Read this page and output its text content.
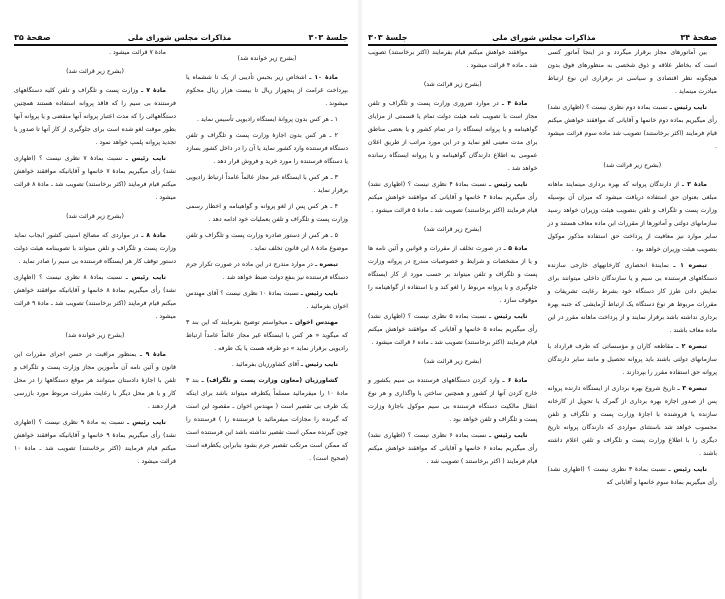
جلسهٔ ۳۰۳
مذاکرات مجلس شورای ملی
صفحهٔ ۳۵

(بشرح زیر خوانده شد)

مادهٔ ۱۰ ـ اشخاص زیر بحبس تأدیبی از یک تا ششماه یا بپرداخت غرامت از پنجهزار ریال تا بیست هزار ریال محکوم میشوند .

۱ ـ هر کس بدون پروانهٔ ایستگاه رادیویی تأسیس نماید .

۲ ـ هر کس بدون اجازهٔ وزارت پست و تلگراف و تلفن دستگاه فرستنده وارد کشور نماید یا آن را در داخل کشور بسازد یا دستگاه فرستنده را مورد خرید و فروش قرار دهد .

۳ ـ هر کس با ایستگاه غیر مجاز عالماً عامداً ارتباط رادیویی برقرار نماید .

۴ ـ هر کس پس از لغو پروانه و گواهینامه و اخطار رسمی وزارت پست و تلگراف و تلفن بعملیات خود ادامه دهد .

۵ ـ هر کس از دستور صادره وزارت پست و تلگراف و تلفن موضوع مادهٔ ۸ این قانون تخلف نماید .

تبصره ـ در موارد مندرج در این ماده در صورت تکرار جرم دستگاه فرستنده نیز بنفع دولت ضبط خواهد شد .

نایب رئیس ـ نسبت بمادهٔ ۱۰ نظری نیست ؟ آقای مهندس اخوان بفرمائید .

مهندس اخوان ـ میخواستم توضیح بفرمایند که این بند ۳ که میگوید « هر کس با ایستگاه غیر مجاز عالماً عامداً ارتباط رادیویی برقرار نماید » دو طرفه هست یا یک طرفه .

نایب رئیس ـ آقای کشاورزیان بفرمائید .

کشاورزیان (معاون وزارت پست و تلگراف) ـ بند ۳ مادهٔ ۱۰ را میفرمائید مسلماً یکطرفه میتواند باشد برای اینکه یک طرف بی تقصیر است ( مهندس اخوان ـ مقصود این است که گیرنده را مجازات میفرمائید یا فرستنده را ) فرستنده را چون گیرنده ممکن است تقصیر نداشته باشد این فرستنده است که ممکن است مرتکب تقصیر جرم بشود بنابراین یکطرفه است (صحیح است) .

مادهٔ ۷ قرائت میشود .

(بشرح زیر قرائت شد)

مادهٔ ۷ ـ وزارت پست و تلگراف و تلفن کلیه دستگاههای فرستنده بی سیم را که فاقد پروانه استفاده هستند همچنین دستگاههائی را که مدت اعتبار پروانه آنها منقضی و یا پروانه آنها بطور موقت لغو شده است برای جلوگیری از کار آنها تا صدور یا تجدید پروانه پلمپ خواهد نمود .

نایب رئیس ـ نسبت بمادهٔ ۷ نظری نیست ؟ (اظهاری نشد) رأی میگیریم بمادهٔ ۷ خانمها و آقایانیکه موافقند خواهش میکنم قیام فرمایند (اکثر برخاستند) تصویب شد ـ مادهٔ ۸ قرائت میشود .

(بشرح زیر قرائت شد)

مادهٔ ۸ ـ در مواردی که مصالح امنیتی کشور ایجاب نماید وزارت پست و تلگراف و تلفن میتواند با تصویبنامه هیئت دولت دستور توقف کار هر ایستگاه فرستنده بی سیم را صادر نماید .

نایب رئیس ـ نسبت بمادهٔ ۸ نظری نیست ؟ (اظهاری نشد) رأی میگیریم بمادهٔ ۸ خانمها و آقایانیکه موافقند خواهش میکنم قیام فرمایند (اکثر برخاستند) تصویب شد ـ مادهٔ ۹ قرائت میشود .

(بشرح زیر خوانده شد)

مادهٔ ۹ ـ بمنظور مراقبت در حسن اجرای مقررات این قانون و آئین نامه آن مأمورین مجاز وزارت پست و تلگراف و تلفن با اجازهٔ دادستان میتوانند هر موقع دستگاهها را در محل کار و یا هر محل دیگر با رعایت مقررات مربوط مورد بازرسی قرار دهند .

نایب رئیس ـ نسبت به مادهٔ ۹ نظری نیست ؟ (اظهاری نشد) رأی میگیریم بمادهٔ ۹ خانمها و آقایانیکه موافقند خواهش میکنم قیام فرمایند (اکثر برخاستند) تصویب شد ـ مادهٔ ۱۰ قرائت میشود .

صفحهٔ ۳۴
مذاکرات مجلس شورای ملی
جلسهٔ ۳۰۳

بین آماتورهای مجاز برقرار میگردد و در اینجا آماتور کسی است که بخاطر علاقه و ذوق شخصی به منظورهای فوق بدون هیچگونه نظر اقتصادی و سیاسی در برقراری این نوع ارتباط مبادرت مینماید .

نایب رئیس ـ نسبت بماده دوم نظری نیست ؟ (اظهاری نشد) رأی میگیریم بماده دوم خانمها و آقایانی که موافقند خواهش میکنم قیام فرمایند (اکثر برخاستند) تصویب شد ماده سوم قرائت میشود .

(بشرح زیر قرائت شد)

مادهٔ ۳ ـ از دارندگان پروانه که بهره برداری مینمایند ماهانه مبلغی بعنوان حق استفاده دریافت میشود که میزان آن بوسیله وزارت پست و تلگراف و تلفن بتصویب هیئت وزیران خواهد رسید سازمانهای دولتی و آماتورها از مقررات این ماده معاف هستند و در سایر موارد نیز معافیت از پرداخت حق استفاده مذکور موکول بتصویب هیئت وزیران خواهد بود .

تبصره ۱ ـ نمایندهٔ انحصاری کارخانههای خارجی سازنده دستگاههای فرستنده بی سیم و یا سازندگان داخلی میتوانند برای نمایش دادن طرز کار دستگاه خود بشرط رعایت تشریفات و مقررات مربوط هر نوع دستگاه یک ارتباط آزمایشی که جنبه بهره برداری نداشته باشد برقرار نمایند و از پرداخت ماهانه مقرر در این ماده معاف باشند .

تبصره ۲ ـ مقاطعه کاران و مؤسساتی که طرف قرارداد با سازمانهای دولتی باشند باید پروانه تحصیل و مانند سایر دارندگان پروانه حق استفاده مقرر را بپردازند .

تبصره ۳ ـ تاریخ شروع بهره برداری از ایستگاه دارنده پروانه پس از صدور اجازه بهره برداری از گمرک یا تحویل از کارخانه سازنده یا فروشنده با اجازهٔ وزارت پست و تلگراف و تلفن محسوب خواهد شد باستثنای مواردی که دارندگان پروانه تاریخ دیگری را با اطلاع وزارت پست و تلگراف و تلفن اعلام داشته باشند .

نایب رئیس ـ نسبت بمادهٔ ۳ نظری نیست ؟ (اظهاری نشد) رأی میگیریم بمادهٔ سوم خانمها و آقایانی که

موافقند خواهش میکنم قیام بفرمایند (اکثر برخاستند) تصویب شد ـ ماده ۴ قرائت میشود .

(بشرح زیر قرائت شد)

مادهٔ ۴ ـ در موارد ضروری وزارت پست و تلگراف و تلفن مجاز است با تصویب نامه هیئت دولت تمام یا قسمتی از مزایای گواهینامه و یا پروانه ایستگاه را در تمام کشور و یا بعضی مناطق برای مدت معینی لغو نماید و در این مورد مراتب از طریق اعلان عمومی به اطلاع دارندگان گواهینامه و یا پروانه ایستگاه رسانده خواهد شد .

نایب رئیس ـ نسبت بمادهٔ ۴ نظری نیست ؟ (اظهاری نشد) رأی میگیریم بمادهٔ ۴ خانمها و آقایانی که موافقند خواهش میکنم قیام فرمایند (اکثر برخاستند) تصویب شد ـ مادهٔ ۵ قرائت میشود .

(بشرح زیر قرائت شد)

مادهٔ ۵ ـ در صورت تخلف از مقررات و قوانین و آئین نامه ها و یا از مشخصات و شرایط و خصوصیات مندرج در پروانه وزارت پست و تلگراف و تلفن میتواند بر حسب مورد از کار ایستگاه جلوگیری و یا پروانه مربوط را لغو کند و یا استفاده از گواهینامه را موقوف سازد .

نایب رئیس ـ نسبت بماده ۵ نظری نیست ؟ (اظهاری نشد) رأی میگیریم بماده ۵ خانمها و آقایانی که موافقند خواهش میکنم قیام فرمایند (اکثر برخاستند) تصویب شد ـ ماده ۶ قرائت میشود .

(بشرح زیر قرائت شد)

مادهٔ ۶ ـ وارد کردن دستگاههای فرستنده بی سیم بکشور و خارج کردن آنها از کشور و همچنین ساختن یا واگذاری و هر نوع انتقال مالکیت دستگاه فرستنده بی سیم موکول باجازهٔ وزارت پست و تلگراف و تلفن خواهد بود .

نایب رئیس ـ نسبت بماده ۶ نظری نیست ؟ (اظهاری نشد) رأی میگیریم بماده ۶ خانمها و آقایانی که موافقند خواهش میکنم قیام فرمایند ( اکثر برخاستند ) تصویب شد .
